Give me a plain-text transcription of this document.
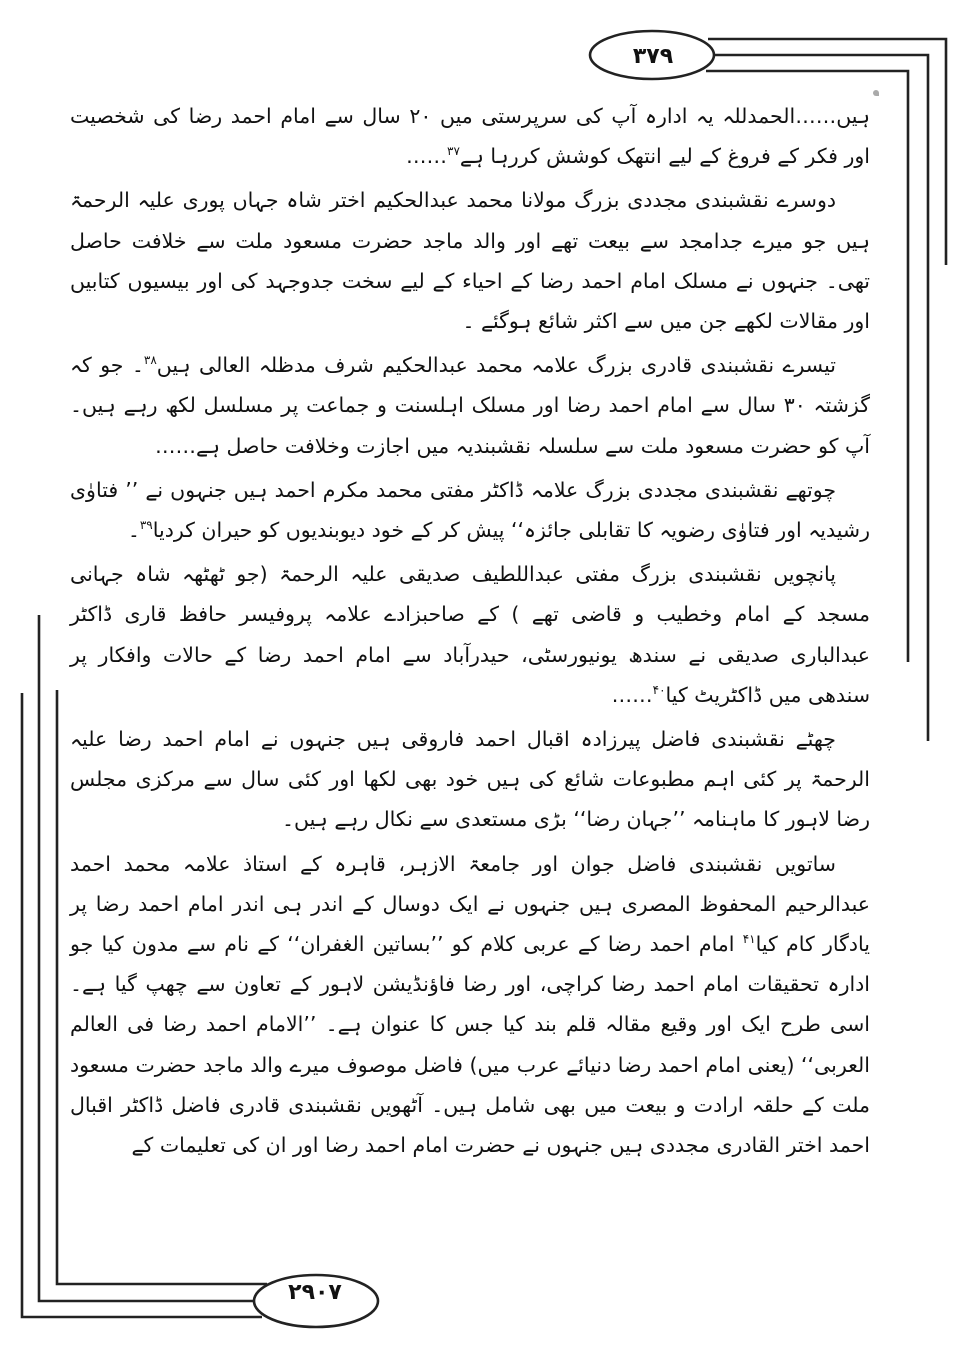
۳۷۹
۲۹۰۷

ہیں……الحمدللہ یہ ادارہ آپ کی سرپرستی میں ۲۰ سال سے امام احمد رضا کی شخصیت اور فکر کے فروغ کے لیے انتھک کوشش کررہا ہے$^{۳۷}$……

دوسرے نقشبندی مجددی بزرگ مولانا محمد عبدالحکیم اختر شاہ جہاں پوری علیہ الرحمۃ ہیں جو میرے جدامجد سے بیعت تھے اور والد ماجد حضرت مسعود ملت سے خلافت حاصل تھی۔ جنہوں نے مسلک امام احمد رضا کے احیاء کے لیے سخت جدوجہد کی اور بیسیوں کتابیں اور مقالات لکھے جن میں سے اکثر شائع ہوگئے ۔

تیسرے نقشبندی قادری بزرگ علامہ محمد عبدالحکیم شرف مدظلہ العالی ہیں$^{۳۸}$۔ جو کہ گزشتہ ۳۰ سال سے امام احمد رضا اور مسلک اہلسنت و جماعت پر مسلسل لکھ رہے ہیں۔ آپ کو حضرت مسعود ملت سے سلسلہ نقشبندیہ میں اجازت وخلافت حاصل ہے……

چوتھے نقشبندی مجددی بزرگ علامہ ڈاکٹر مفتی محمد مکرم احمد ہیں جنہوں نے ’’ فتاوٰی رشیدیہ اور فتاوٰی رضویہ کا تقابلی جائزہ‘‘ پیش کر کے خود دیوبندیوں کو حیران کردیا$^{۳۹}$۔

پانچویں نقشبندی بزرگ مفتی عبداللطیف صدیقی علیہ الرحمۃ (جو ٹھٹھہ شاہ جہانی مسجد کے امام وخطیب و قاضی تھے ) کے صاحبزادے علامہ پروفیسر حافظ قاری ڈاکٹر عبدالباری صدیقی نے سندھ یونیورسٹی، حیدرآباد سے امام احمد رضا کے حالات وافکار پر سندھی میں ڈاکٹریٹ کیا$^{۴۰}$……

چھٹے نقشبندی فاضل پیرزادہ اقبال احمد فاروقی ہیں جنہوں نے امام احمد رضا علیہ الرحمۃ پر کئی اہم مطبوعات شائع کی ہیں خود بھی لکھا اور کئی سال سے مرکزی مجلس رضا لاہور کا ماہنامہ ’’جہان رضا‘‘ بڑی مستعدی سے نکال رہے ہیں۔

ساتویں نقشبندی فاضل جوان اور جامعۃ الازہر، قاہرہ کے استاذ علامہ محمد احمد عبدالرحیم المحفوظ المصری ہیں جنہوں نے ایک دوسال کے اندر ہی اندر امام احمد رضا پر یادگار کام کیا$^{۴۱}$ امام احمد رضا کے عربی کلام کو ’’بساتین الغفران‘‘ کے نام سے مدون کیا جو ادارہ تحقیقات امام احمد رضا کراچی، اور رضا فاؤنڈیشن لاہور کے تعاون سے چھپ گیا ہے۔ اسی طرح ایک اور وقیع مقالہ قلم بند کیا جس کا عنوان ہے۔ ’’الامام احمد رضا فی العالم العربی‘‘ (یعنی امام احمد رضا دنیائے عرب میں) فاضل موصوف میرے والد ماجد حضرت مسعود ملت کے حلقہ ارادت و بیعت میں بھی شامل ہیں۔ آٹھویں نقشبندی قادری فاضل ڈاکٹر اقبال احمد اختر القادری مجددی ہیں جنہوں نے حضرت امام احمد رضا اور ان کی تعلیمات کے
